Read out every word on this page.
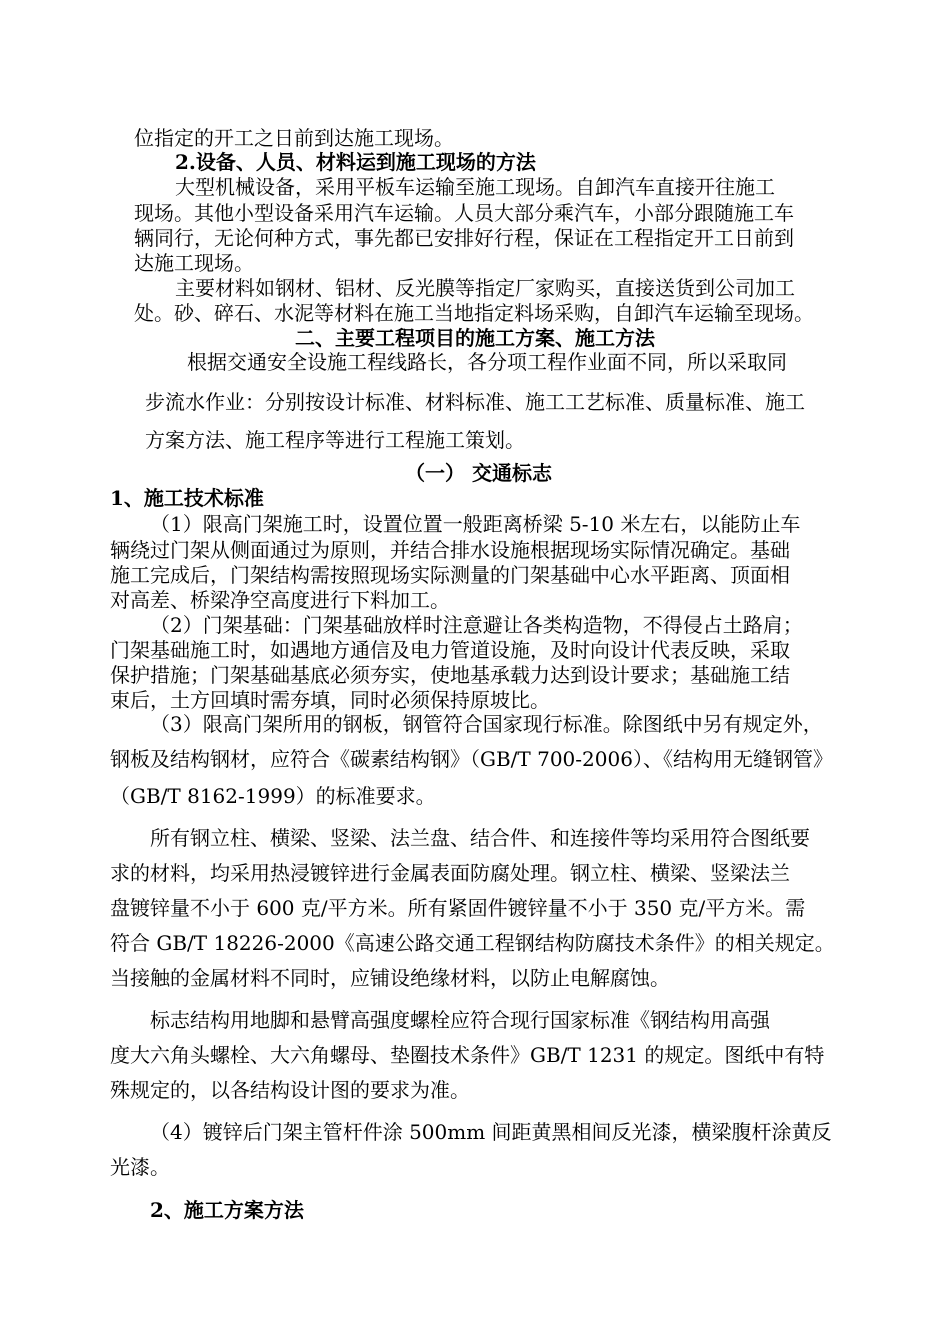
位指定的开工之日前到达施工现场。
2.设备、人员、材料运到施工现场的方法
大型机械设备，采用平板车运输至施工现场。自卸汽车直接开往施工
现场。其他小型设备采用汽车运输。人员大部分乘汽车，小部分跟随施工车
辆同行，无论何种方式，事先都已安排好行程，保证在工程指定开工日前到
达施工现场。
主要材料如钢材、铝材、反光膜等指定厂家购买，直接送货到公司加工
处。砂、碎石、水泥等材料在施工当地指定料场采购，自卸汽车运输至现场。
二、主要工程项目的施工方案、施工方法
根据交通安全设施工程线路长，各分项工程作业面不同，所以采取同
步流水作业：分别按设计标准、材料标准、施工工艺标准、质量标准、施工
方案方法、施工程序等进行工程施工策划。
（一） 交通标志
1、施工技术标准
（1）限高门架施工时，设置位置一般距离桥梁 5-10 米左右，以能防止车
辆绕过门架从侧面通过为原则，并结合排水设施根据现场实际情况确定。基础
施工完成后，门架结构需按照现场实际测量的门架基础中心水平距离、顶面相
对高差、桥梁净空高度进行下料加工。
（2）门架基础：门架基础放样时注意避让各类构造物，不得侵占土路肩；
门架基础施工时，如遇地方通信及电力管道设施，及时向设计代表反映，采取
保护措施；门架基础基底必须夯实，使地基承载力达到设计要求；基础施工结
束后，土方回填时需夯填，同时必须保持原坡比。
（3）限高门架所用的钢板，钢管符合国家现行标准。除图纸中另有规定外，
钢板及结构钢材，应符合《碳素结构钢》（GB/T 700-2006）、《结构用无缝钢管》
（GB/T 8162-1999）的标准要求。
所有钢立柱、横梁、竖梁、法兰盘、结合件、和连接件等均采用符合图纸要
求的材料，均采用热浸镀锌进行金属表面防腐处理。钢立柱、横梁、竖梁法兰
盘镀锌量不小于 600 克/平方米。所有紧固件镀锌量不小于 350 克/平方米。需
符合 GB/T 18226-2000《高速公路交通工程钢结构防腐技术条件》的相关规定。
当接触的金属材料不同时，应铺设绝缘材料，以防止电解腐蚀。
标志结构用地脚和悬臂高强度螺栓应符合现行国家标准《钢结构用高强
度大六角头螺栓、大六角螺母、垫圈技术条件》GB/T 1231 的规定。图纸中有特
殊规定的，以各结构设计图的要求为准。
（4）镀锌后门架主管杆件涂 500mm 间距黄黑相间反光漆，横梁腹杆涂黄反
光漆。
2、施工方案方法
